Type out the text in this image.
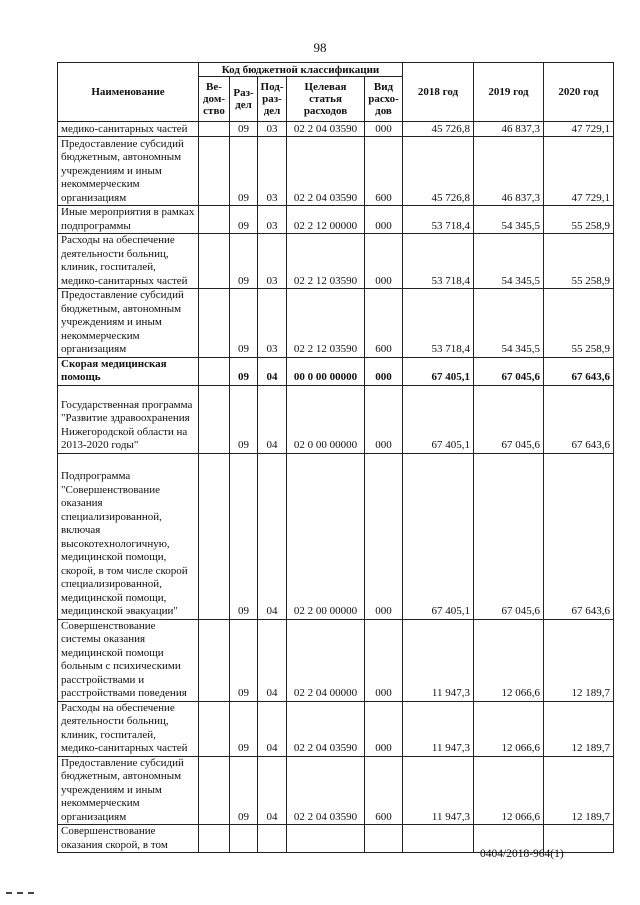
98
Наименование	Код бюджетной классификации					2018 год	2019 год	2020 год
	Ве-дом-ство	Раз-дел	Под-раз-дел	Целевая статья расходов	Вид расхо-дов			

медико-санитарных частей		09	03	02 2 04 03590	000	45 726,8	46 837,3	47 729,1

Предоставление субсидий бюджетным, автономным учреждениям и иным некоммерческим организациям		09	03	02 2 04 03590	600	45 726,8	46 837,3	47 729,1

Иные мероприятия в рамках подпрограммы		09	03	02 2 12 00000	000	53 718,4	54 345,5	55 258,9

Расходы на обеспечение деятельности больниц, клиник, госпиталей, медико-санитарных частей		09	03	02 2 12 03590	000	53 718,4	54 345,5	55 258,9

Предоставление субсидий бюджетным, автономным учреждениям и иным некоммерческим организациям		09	03	02 2 12 03590	600	53 718,4	54 345,5	55 258,9

Скорая медицинская помощь		09	04	00 0 00 00000	000	67 405,1	67 045,6	67 643,6

Государственная программа "Развитие здравоохранения Нижегородской области на 2013-2020 годы"		09	04	02 0 00 00000	000	67 405,1	67 045,6	67 643,6

Подпрограмма "Совершенствование оказания специализированной, включая высокотехнологичную, медицинской помощи, скорой, в том числе скорой специализированной, медицинской помощи, медицинской эвакуации"		09	04	02 2 00 00000	000	67 405,1	67 045,6	67 643,6

Совершенствование системы оказания медицинской помощи больным с психическими расстройствами и расстройствами поведения		09	04	02 2 04 00000	000	11 947,3	12 066,6	12 189,7

Расходы на обеспечение деятельности больниц, клиник, госпиталей, медико-санитарных частей		09	04	02 2 04 03590	000	11 947,3	12 066,6	12 189,7

Предоставление субсидий бюджетным, автономным учреждениям и иным некоммерческим организациям		09	04	02 2 04 03590	600	11 947,3	12 066,6	12 189,7

Совершенствование оказания скорой, в том								

0404/2018-964(1)
